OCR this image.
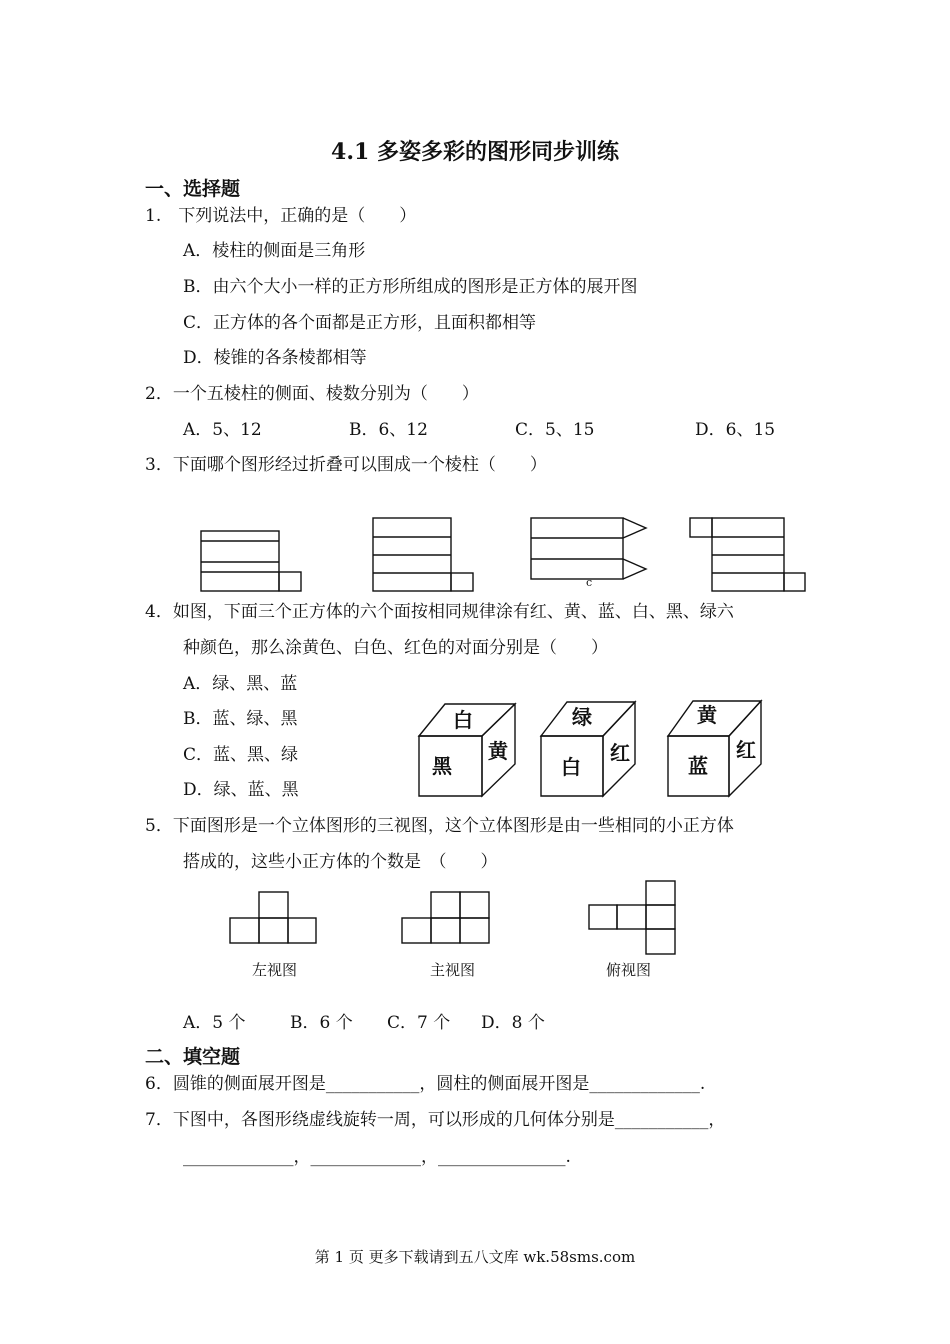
4.1 多姿多彩的图形同步训练
一、选择题
1.　下列说法中，正确的是（　　）
A．棱柱的侧面是三角形
B．由六个大小一样的正方形所组成的图形是正方体的展开图
C．正方体的各个面都是正方形，且面积都相等
D．棱锥的各条棱都相等
2．一个五棱柱的侧面、棱数分别为（　　）
A．5、12	B．6、12	C．5、15	D．6、15
3．下面哪个图形经过折叠可以围成一个棱柱（　　）
c
4．如图，下面三个正方体的六个面按相同规律涂有红、黄、蓝、白、黑、绿六
种颜色，那么涂黄色、白色、红色的对面分别是（　　）
A．绿、黑、蓝
B．蓝、绿、黑
C．蓝、黑、绿
D．绿、蓝、黑
白
黑
黄
绿
白
红
黄
蓝
红
5．下面图形是一个立体图形的三视图，这个立体图形是由一些相同的小正方体
搭成的，这些小正方体的个数是　（　　）
左视图	主视图	俯视图
A．5 个	B．6 个 C．7 个 D．8 个
二、填空题
6．圆锥的侧面展开图是___________，圆柱的侧面展开图是_____________.
7．下图中，各图形绕虚线旋转一周，可以形成的几何体分别是___________，
_____________，_____________，_______________.
第 1 页 更多下载请到五八文库 wk.58sms.com
